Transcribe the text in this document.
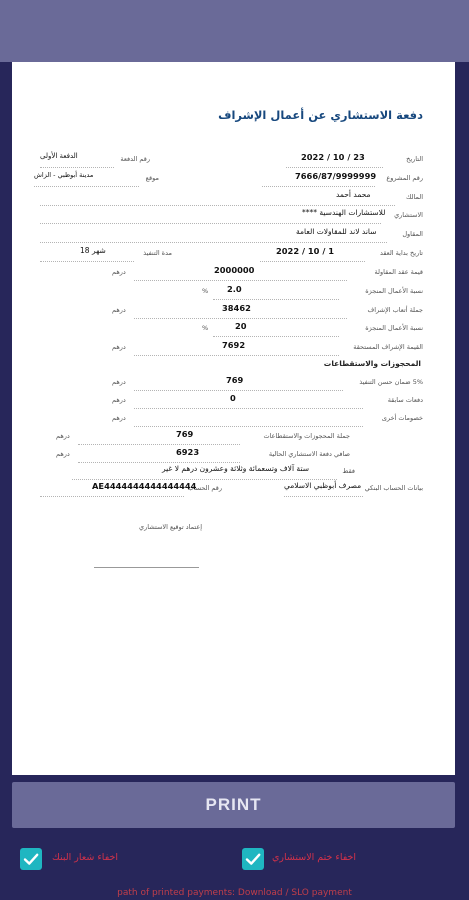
دفعة الاستشاري عن أعمال الإشراف
التاريخ
2022 / 10 / 23
رقم الدفعة
الدفعة الأولى
رقم المشروع
7666/87/9999999
موقع
مدينة أبوظبي - الزاش
المالك
محمد أحمد
الاستشاري
**** للاستشارات الهندسية
المقاول
ساند لاند للمقاولات العامة
تاريخ بداية العقد
2022 / 10 / 1
مدة التنفيذ
18 شهر
قيمة عقد المقاولة
2000000
درهم
نسبة الأعمال المنجزة
2.0
%
جملة أتعاب الإشراف
38462
درهم
نسبة الأعمال المنجزة
20
%
القيمة الإشراف المستحقة
7692
درهم
المحجوزات والاستقطاعات
5% ضمان حسن التنفيذ
769
درهم
دفعات سابقة
0
درهم
خصومات أخرى
درهم
جملة المحجوزات والاستقطاعات
769
درهم
صافي دفعة الاستشاري الحالية
6923
درهم
فقط
ستة آلاف وتسعمائة وثلاثة وعشرون درهم لا غير
بيانات الحساب البنكي
مصرف أبوظبي الاسلامي
رقم الحساب
AE4444444444444444
إعتماد توقيع الاستشاري
PRINT
اخفاء شعار البنك	اخفاء ختم الاستشاري
path of printed payments: Download / SLO payment
